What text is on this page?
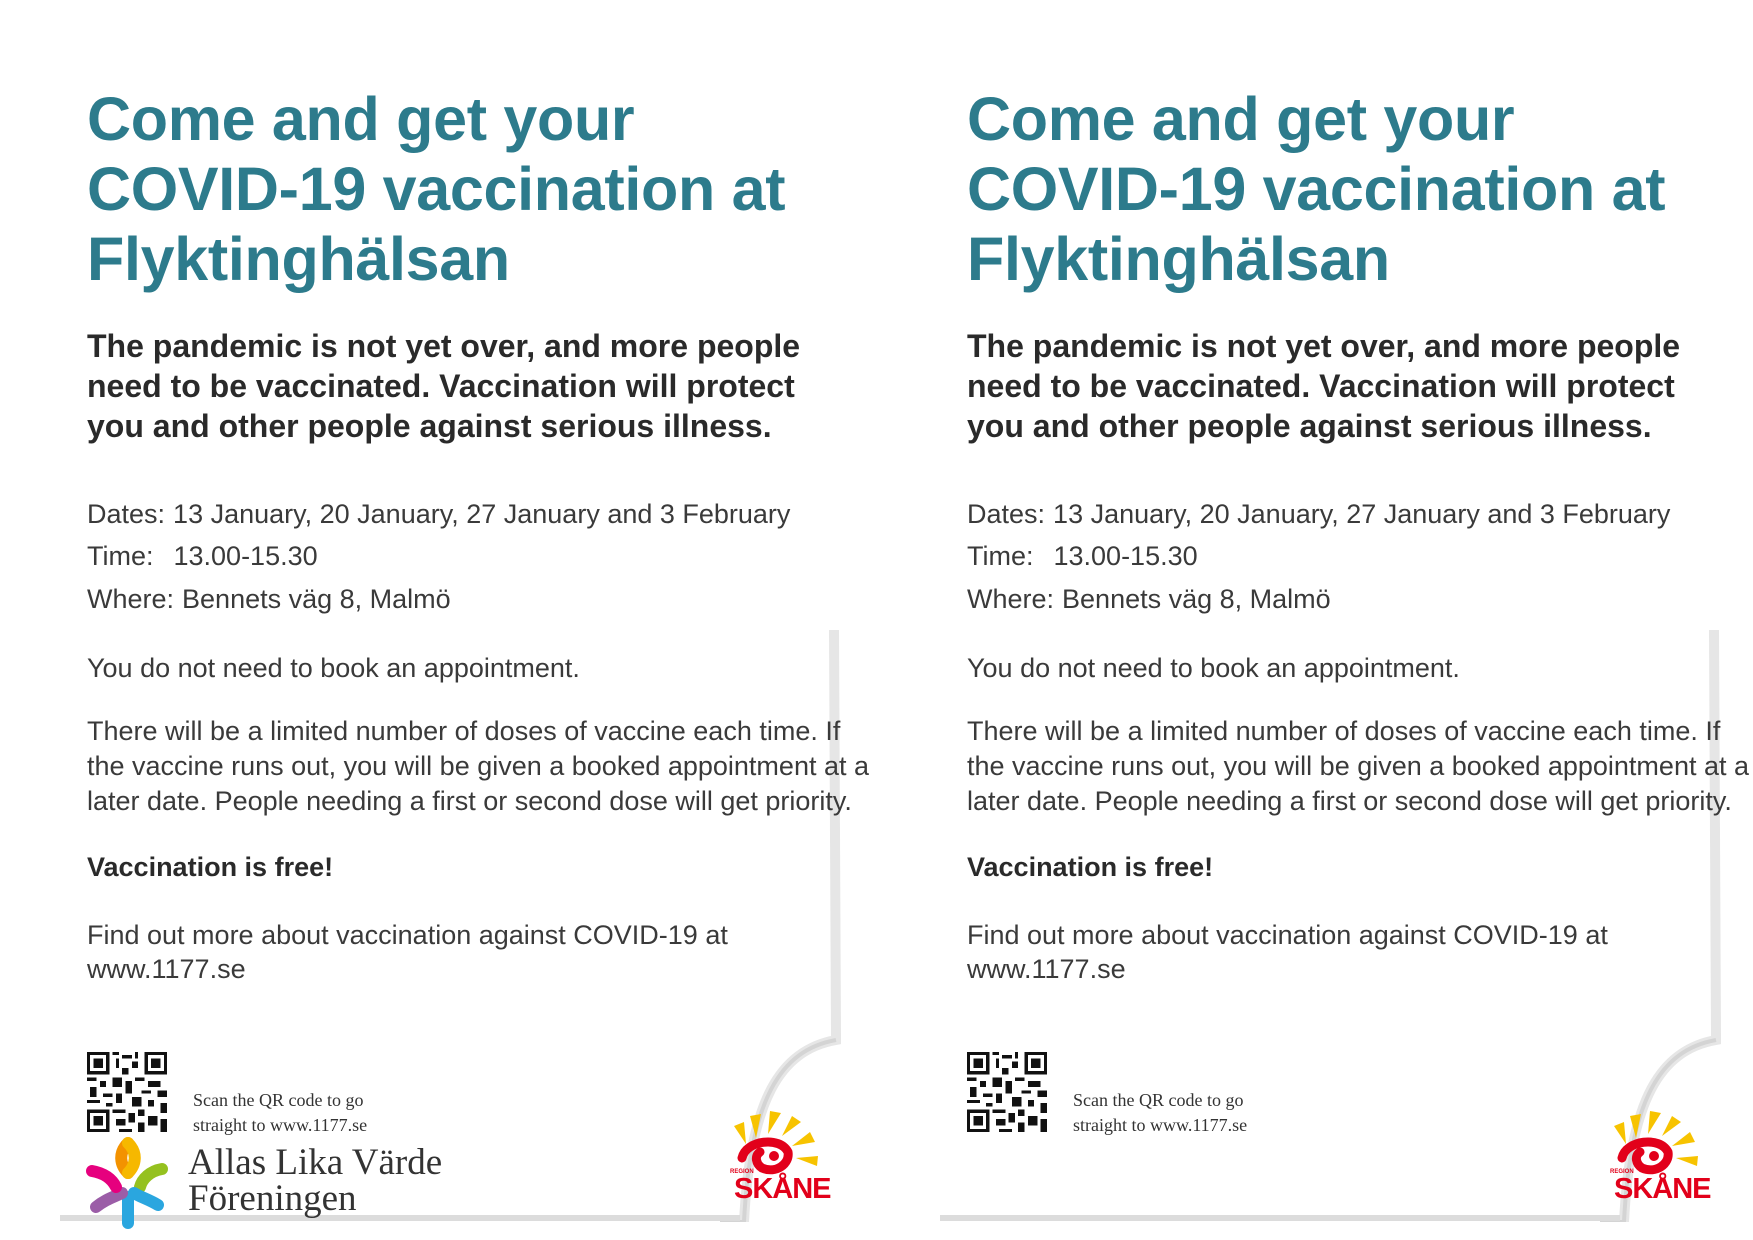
Come and get your
COVID-19 vaccination at
Flyktinghälsan

The pandemic is not yet over, and more people
need to be vaccinated. Vaccination will protect
you and other people against serious illness.

Dates: 13 January, 20 January, 27 January and 3 February
Time: 13.00-15.30
Where: Bennets väg 8, Malmö

You do not need to book an appointment.

There will be a limited number of doses of vaccine each time. If
the vaccine runs out, you will be given a booked appointment at a
later date. People needing a first or second dose will get priority.

Vaccination is free!

Find out more about vaccination against COVID-19 at
www.1177.se

Scan the QR code to go
straight to www.1177.se
Allas Lika Värde
Föreningen
REGION
SKÅNE
Come and get your
COVID-19 vaccination at
Flyktinghälsan

The pandemic is not yet over, and more people
need to be vaccinated. Vaccination will protect
you and other people against serious illness.

Dates: 13 January, 20 January, 27 January and 3 February
Time: 13.00-15.30
Where: Bennets väg 8, Malmö

You do not need to book an appointment.

There will be a limited number of doses of vaccine each time. If
the vaccine runs out, you will be given a booked appointment at a
later date. People needing a first or second dose will get priority.

Vaccination is free!

Find out more about vaccination against COVID-19 at
www.1177.se

Scan the QR code to go
straight to www.1177.se
REGION
SKÅNE
